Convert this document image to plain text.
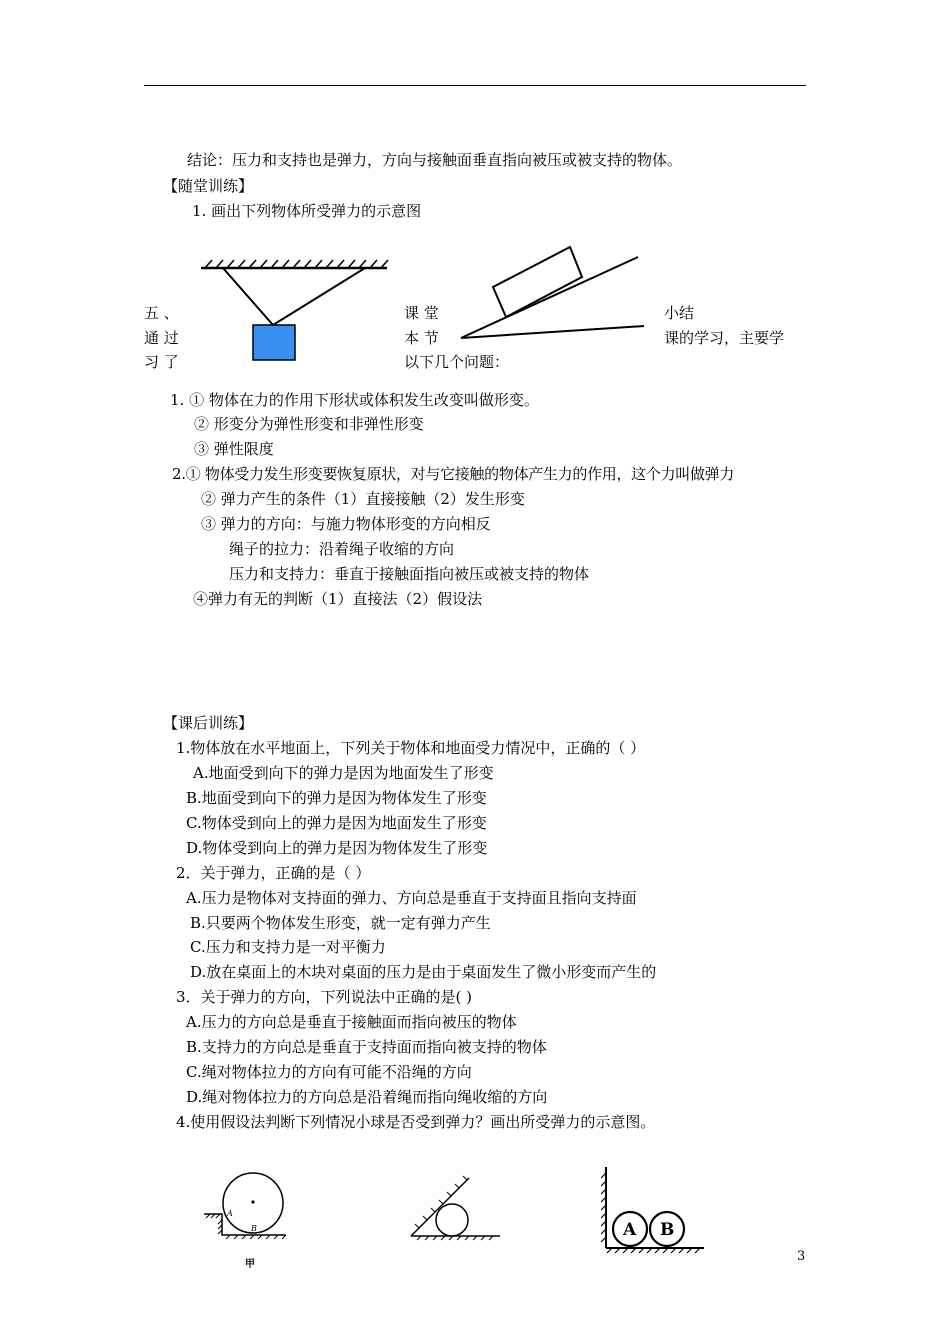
结论：压力和支持也是弹力，方向与接触面垂直指向被压或被支持的物体。
【随堂训练】
1. 画出下列物体所受弹力的示意图
五 、
通 过
习 了
课 堂
本 节
以下几个问题：
小结
课的学习，主要学
1. ① 物体在力的作用下形状或体积发生改变叫做形变。
② 形变分为弹性形变和非弹性形变
③ 弹性限度
2.① 物体受力发生形变要恢复原状，对与它接触的物体产生力的作用，这个力叫做弹力
② 弹力产生的条件（1）直接接触（2）发生形变
③ 弹力的方向：与施力物体形变的方向相反
绳子的拉力：沿着绳子收缩的方向
压力和支持力：垂直于接触面指向被压或被支持的物体
④弹力有无的判断（1）直接法（2）假设法
【课后训练】
1.物体放在水平地面上，下列关于物体和地面受力情况中，正确的（ ）
A.地面受到向下的弹力是因为地面发生了形变
B.地面受到向下的弹力是因为物体发生了形变
C.物体受到向上的弹力是因为地面发生了形变
D.物体受到向上的弹力是因为物体发生了形变
2．关于弹力，正确的是（ ）
A.压力是物体对支持面的弹力、方向总是垂直于支持面且指向支持面
B.只要两个物体发生形变，就一定有弹力产生
C.压力和支持力是一对平衡力
D.放在桌面上的木块对桌面的压力是由于桌面发生了微小形变而产生的
3．关于弹力的方向，下列说法中正确的是( )
A.压力的方向总是垂直于接触面而指向被压的物体
B.支持力的方向总是垂直于支持面而指向被支持的物体
C.绳对物体拉力的方向有可能不沿绳的方向
D.绳对物体拉力的方向总是沿着绳而指向绳收缩的方向
4.使用假设法判断下列情况小球是否受到弹力？画出所受弹力的示意图。
A
B
甲
A B
3
